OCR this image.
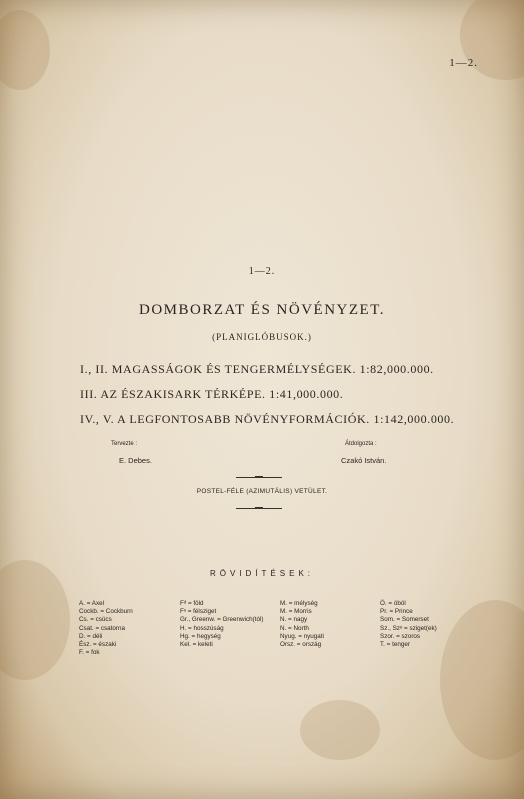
1—2.
1—2.
DOMBORZAT ÉS NÖVÉNYZET.
(PLANIGLÓBUSOK.)
I., II. MAGASSÁGOK ÉS TENGERMÉLYSÉGEK. 1:82,000.000.
III. AZ ÉSZAKISARK TÉRKÉPE. 1:41,000.000.
IV., V. A LEGFONTOSABB NÖVÉNYFORMÁCIÓK. 1:142,000.000.
Tervezte :
E. Debes.
Átdolgozta :
Czakó István.
POSTEL-FÉLE (AZIMUTÁLIS) VETÜLET.
RÖVIDÍTÉSEK:
A. = Axel
Cockb. = Cockburn
Cs. = csúcs
Csat. = csatorna
D. = déli
Ész. = északi
F. = fok
Fᵈ = föld
Fˢ = félsziget
Gr., Greenw. = Greenwich(tól)
H. = hosszúság
Hg. = hegység
Kel. = keleti
M. = mélység
M. = Morris
N. = nagy
N. = North
Nyug. = nyugati
Orsz. = ország
Ö. = öböl
Pr. = Prince
Som. = Somerset
Sz., Szᵉ = sziget(ek)
Szor. = szoros
T. = tenger
